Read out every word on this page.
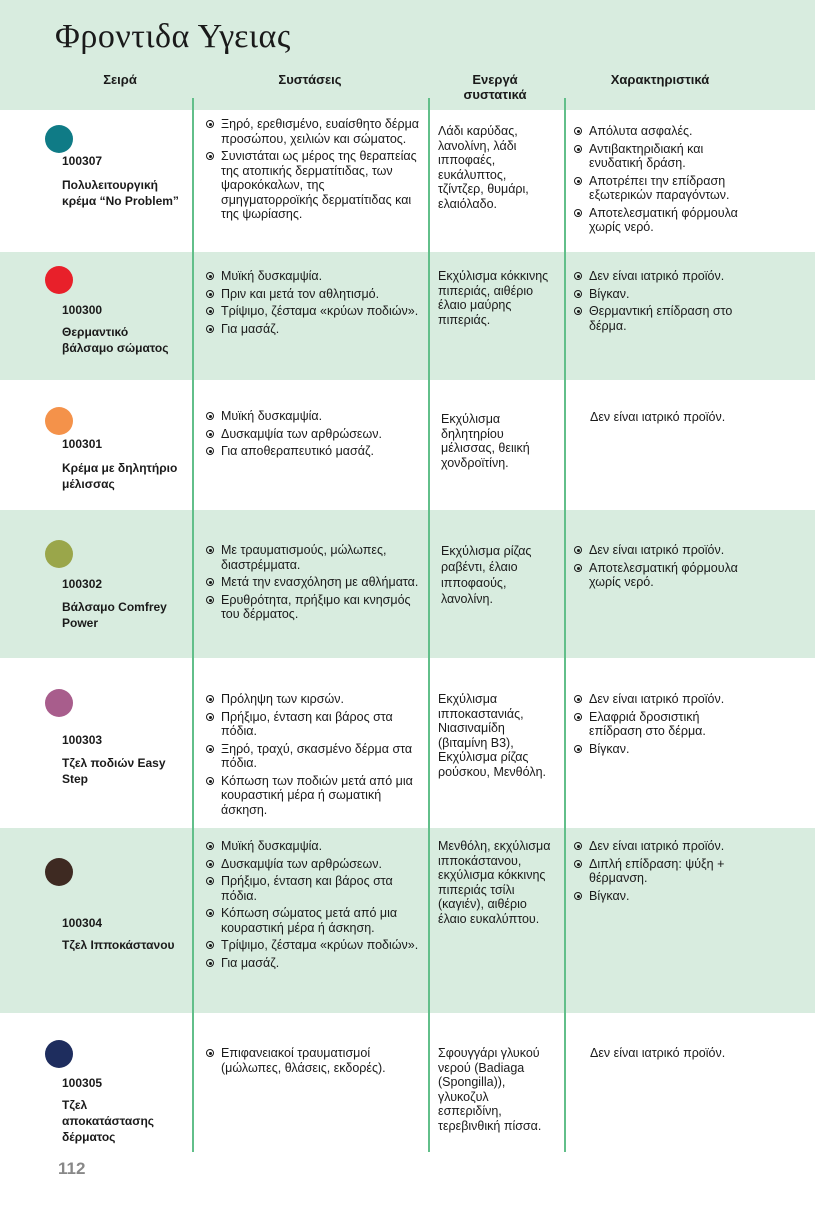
Φροντιδα Υγειας
Σειρά	Συστάσεις	Ενεργά συστατικά
Χαρακτηριστικά
100307
Πολυλειτουργική κρέμα “No Problem”
Ξηρό, ερεθισμένο, ευαίσθητο δέρμα προσώπου, χειλιών και σώματος.
Συνιστάται ως μέρος της θεραπείας της ατοπικής δερματίτιδας, των ψαροκόκαλων, της σμηγματορροϊκής δερματίτιδας και της ψωρίασης.
Λάδι καρύδας, λανολίνη, λάδι ιπποφαές, ευκάλυπτος, τζίντζερ, θυμάρι, ελαιόλαδο.
Απόλυτα ασφαλές.
Αντιβακτηριδιακή και ενυδατική δράση.
Αποτρέπει την επίδραση εξωτερικών παραγόντων.
Αποτελεσματική φόρμουλα χωρίς νερό.
100300
Θερμαντικό βάλσαμο σώματος
Μυϊκή δυσκαμψία.
Πριν και μετά τον αθλητισμό.
Τρίψιμο, ζέσταμα «κρύων ποδιών».
Για μασάζ.
Εκχύλισμα κόκκινης πιπεριάς, αιθέριο έλαιο μαύρης πιπεριάς.
Δεν είναι ιατρικό προϊόν.
Βίγκαν.
Θερμαντική επίδραση στο δέρμα.
100301
Κρέμα με δηλητήριο μέλισσας
Μυϊκή δυσκαμψία.
Δυσκαμψία των αρθρώσεων.
Για αποθεραπευτικό μασάζ.
Εκχύλισμα δηλητηρίου μέλισσας, θειική χονδροϊτίνη.
Δεν είναι ιατρικό προϊόν.
100302
Βάλσαμο Comfrey Power
Με τραυματισμούς, μώλωπες, διαστρέμματα.
Μετά την ενασχόληση με αθλήματα.
Ερυθρότητα, πρήξιμο και κνησμός του δέρματος.
Εκχύλισμα ρίζας ραβέντι, έλαιο ιπποφαούς, λανολίνη.
Δεν είναι ιατρικό προϊόν.
Αποτελεσματική φόρμουλα χωρίς νερό.
100303
Τζελ ποδιών Easy Step
Πρόληψη των κιρσών.
Πρήξιμο, ένταση και βάρος στα πόδια.
Ξηρό, τραχύ, σκασμένο δέρμα στα πόδια.
Κόπωση των ποδιών μετά από μια κουραστική μέρα ή σωματική άσκηση.
Εκχύλισμα ιπποκαστανιάς, Νιασιναμίδη (βιταμίνη Β3), Εκχύλισμα ρίζας ρούσκου, Μενθόλη.
Δεν είναι ιατρικό προϊόν.
Ελαφριά δροσιστική επίδραση στο δέρμα.
Βίγκαν.
100304
Τζελ Ιπποκάστανου
Μυϊκή δυσκαμψία.
Δυσκαμψία των αρθρώσεων.
Πρήξιμο, ένταση και βάρος στα πόδια.
Κόπωση σώματος μετά από μια κουραστική μέρα ή άσκηση.
Τρίψιμο, ζέσταμα «κρύων ποδιών».
Για μασάζ.
Μενθόλη, εκχύλισμα ιπποκάστανου, εκχύλισμα κόκκινης πιπεριάς τσίλι (καγιέν), αιθέριο έλαιο ευκαλύπτου.
Δεν είναι ιατρικό προϊόν.
Διπλή επίδραση: ψύξη + θέρμανση.
Βίγκαν.
100305
Τζελ αποκατάστασης δέρματος
Επιφανειακοί τραυματισμοί (μώλωπες, θλάσεις, εκδορές).
Σφουγγάρι γλυκού νερού (Badiaga (Spongilla)), γλυκοζυλ εσπεριδίνη, τερεβινθική πίσσα.
Δεν είναι ιατρικό προϊόν.
112
